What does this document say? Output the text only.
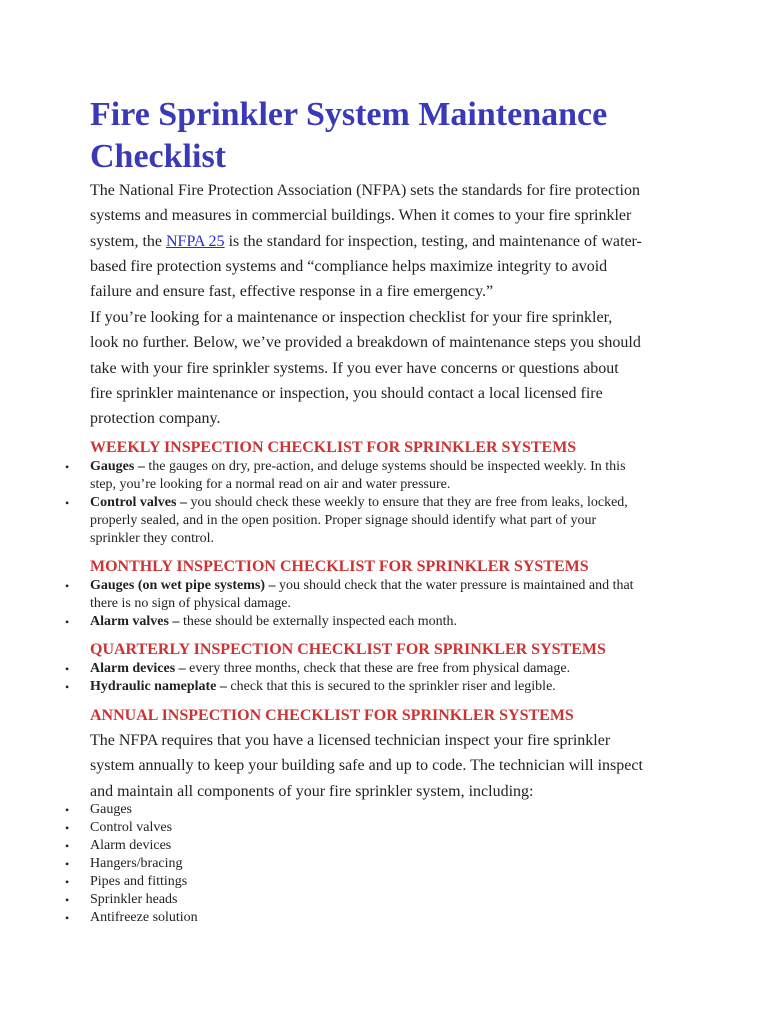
Fire Sprinkler System Maintenance Checklist

The National Fire Protection Association (NFPA) sets the standards for fire protection
systems and measures in commercial buildings. When it comes to your fire sprinkler
system, the NFPA 25 is the standard for inspection, testing, and maintenance of water-
based fire protection systems and “compliance helps maximize integrity to avoid
failure and ensure fast, effective response in a fire emergency.”

If you’re looking for a maintenance or inspection checklist for your fire sprinkler,
look no further. Below, we’ve provided a breakdown of maintenance steps you should
take with your fire sprinkler systems. If you ever have concerns or questions about
fire sprinkler maintenance or inspection, you should contact a local licensed fire
protection company.

WEEKLY INSPECTION CHECKLIST FOR SPRINKLER SYSTEMS
• Gauges – the gauges on dry, pre-action, and deluge systems should be inspected weekly. In this
step, you’re looking for a normal read on air and water pressure.
• Control valves – you should check these weekly to ensure that they are free from leaks, locked,
properly sealed, and in the open position. Proper signage should identify what part of your
sprinkler they control.
MONTHLY INSPECTION CHECKLIST FOR SPRINKLER SYSTEMS
• Gauges (on wet pipe systems) – you should check that the water pressure is maintained and that
there is no sign of physical damage.
• Alarm valves – these should be externally inspected each month.
QUARTERLY INSPECTION CHECKLIST FOR SPRINKLER SYSTEMS
• Alarm devices – every three months, check that these are free from physical damage.
• Hydraulic nameplate – check that this is secured to the sprinkler riser and legible.
ANNUAL INSPECTION CHECKLIST FOR SPRINKLER SYSTEMS

The NFPA requires that you have a licensed technician inspect your fire sprinkler
system annually to keep your building safe and up to code. The technician will inspect
and maintain all components of your fire sprinkler system, including:

• Gauges
• Control valves
• Alarm devices
• Hangers/bracing
• Pipes and fittings
• Sprinkler heads
• Antifreeze solution
